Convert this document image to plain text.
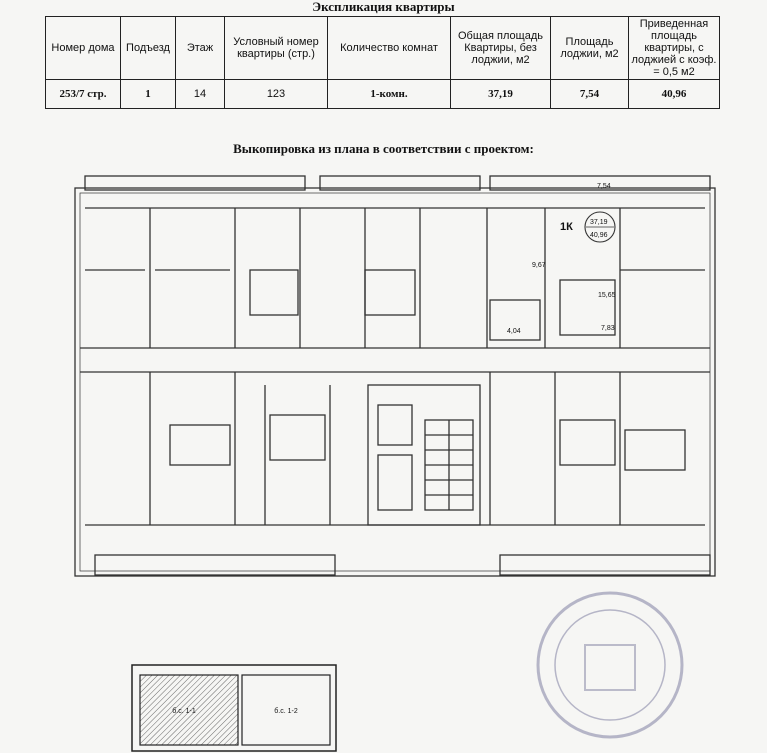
Экспликация квартиры
Номер дома	Подъезд	Этаж	Условный номер квартиры (стр.)	Количество комнат	Общая площадь Квартиры, без лоджии, м2	Площадь лоджии, м2	Приведенная площадь квартиры, с лоджией с коэф. = 0,5 м2
253/7 стр.	1	14	123	1-комн.	37,19	7,54	40,96
Выкопировка из плана в соответствии с проектом:
1К 37,19
40,96
7,54
9,67
15,65
4,04	7,83
б.с. 1-1	б.с. 1-2
